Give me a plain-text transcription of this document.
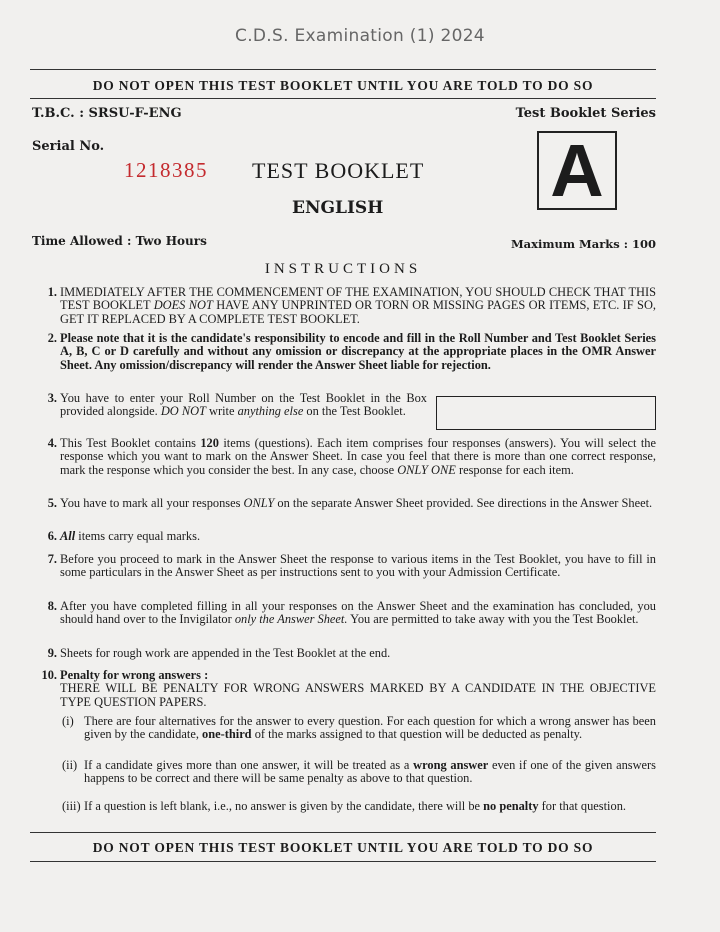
C.D.S. Examination (1) 2024
DO NOT OPEN THIS TEST BOOKLET UNTIL YOU ARE TOLD TO DO SO
T.B.C. : SRSU-F-ENG	Test Booklet Series
Serial No.
1218385 TEST BOOKLET
ENGLISH A
Time Allowed : Two Hours	Maximum Marks : 100
INSTRUCTIONS
1. IMMEDIATELY AFTER THE COMMENCEMENT OF THE EXAMINATION, YOU SHOULD CHECK THAT THIS TEST BOOKLET DOES NOT HAVE ANY UNPRINTED OR TORN OR MISSING PAGES OR ITEMS, ETC. IF SO, GET IT REPLACED BY A COMPLETE TEST BOOKLET.
2. Please note that it is the candidate's responsibility to encode and fill in the Roll Number and Test Booklet Series A, B, C or D carefully and without any omission or discrepancy at the appropriate places in the OMR Answer Sheet. Any omission/discrepancy will render the Answer Sheet liable for rejection.
3. You have to enter your Roll Number on the Test Booklet in the Box provided alongside. DO NOT write anything else on the Test Booklet.
4. This Test Booklet contains 120 items (questions). Each item comprises four responses (answers). You will select the response which you want to mark on the Answer Sheet. In case you feel that there is more than one correct response, mark the response which you consider the best. In any case, choose ONLY ONE response for each item.
5. You have to mark all your responses ONLY on the separate Answer Sheet provided. See directions in the Answer Sheet.
6. All items carry equal marks.
7. Before you proceed to mark in the Answer Sheet the response to various items in the Test Booklet, you have to fill in some particulars in the Answer Sheet as per instructions sent to you with your Admission Certificate.
8. After you have completed filling in all your responses on the Answer Sheet and the examination has concluded, you should hand over to the Invigilator only the Answer Sheet. You are permitted to take away with you the Test Booklet.
9. Sheets for rough work are appended in the Test Booklet at the end.
10. Penalty for wrong answers :
THERE WILL BE PENALTY FOR WRONG ANSWERS MARKED BY A CANDIDATE IN THE OBJECTIVE TYPE QUESTION PAPERS.
(i) There are four alternatives for the answer to every question. For each question for which a wrong answer has been given by the candidate, one-third of the marks assigned to that question will be deducted as penalty.
(ii) If a candidate gives more than one answer, it will be treated as a wrong answer even if one of the given answers happens to be correct and there will be same penalty as above to that question.
(iii) If a question is left blank, i.e., no answer is given by the candidate, there will be no penalty for that question.
DO NOT OPEN THIS TEST BOOKLET UNTIL YOU ARE TOLD TO DO SO
